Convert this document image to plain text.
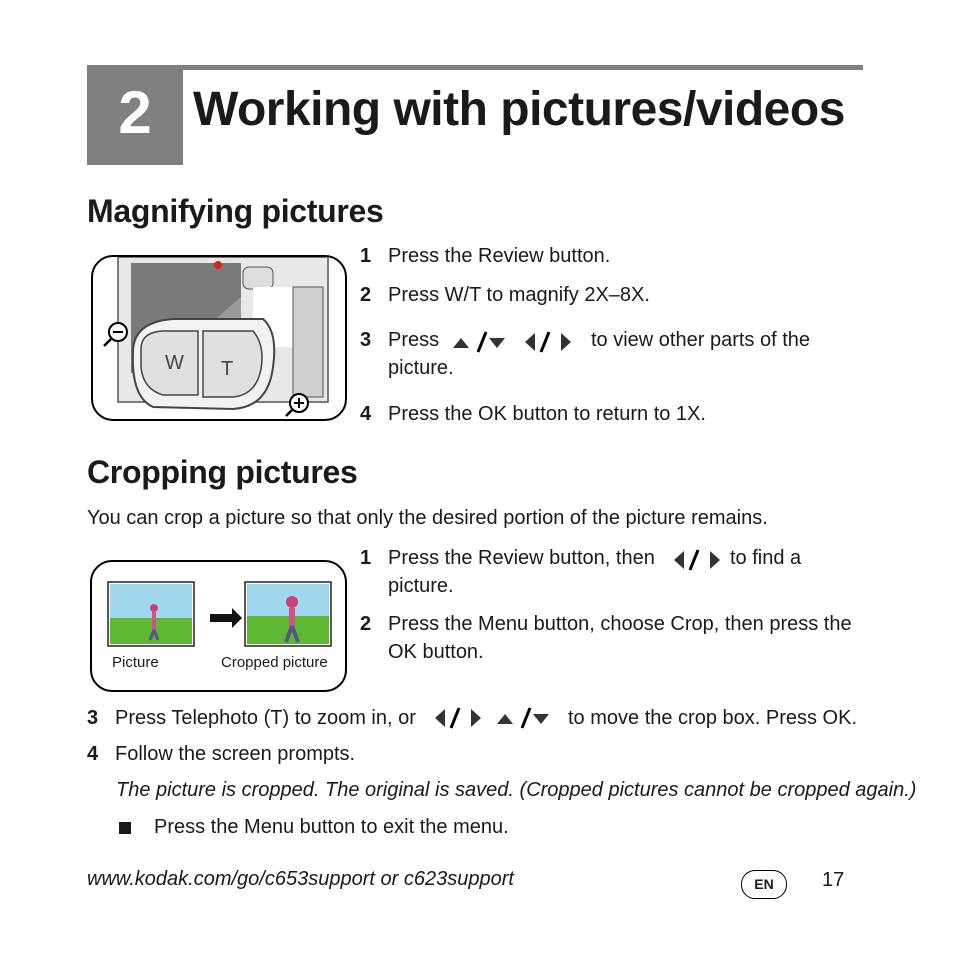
2 Working with pictures/videos
Magnifying pictures
W T
1 Press the Review button.
2 Press W/T to magnify 2X–8X.
3 Press	to view other parts of the
picture.
4 Press the OK button to return to 1X.
Cropping pictures
You can crop a picture so that only the desired portion of the picture remains.
Picture	Cropped picture
1 Press the Review button, then	to find a
picture.
2 Press the Menu button, choose Crop, then press the
OK button.
3 Press Telephoto (T) to zoom in, or	to move the crop box. Press OK.
4 Follow the screen prompts.
The picture is cropped. The original is saved. (Cropped pictures cannot be cropped again.)
Press the Menu button to exit the menu.
www.kodak.com/go/c653support or c623support	EN	17
